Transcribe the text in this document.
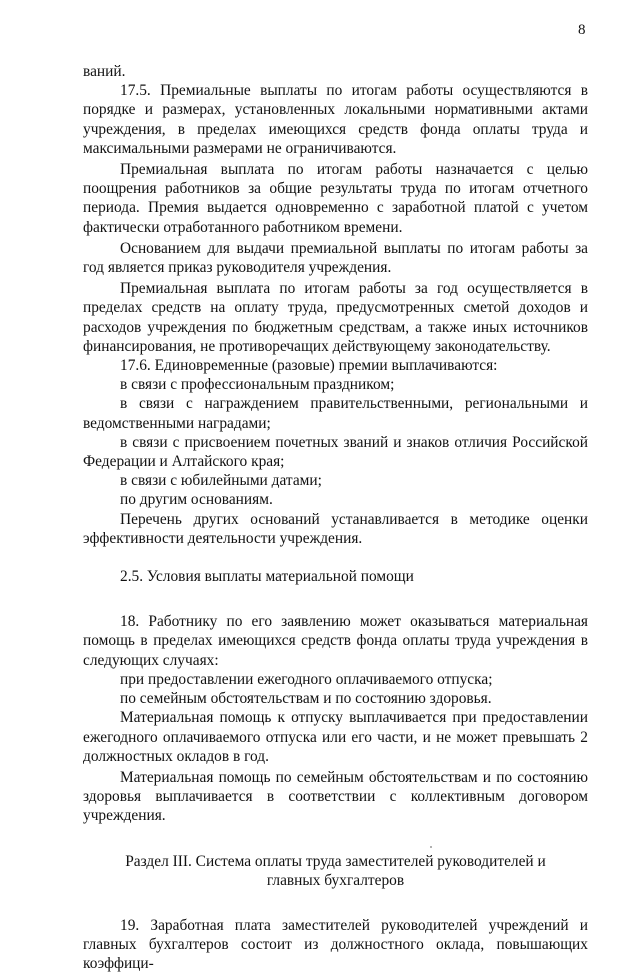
8

ваний.

17.5. Премиальные выплаты по итогам работы осуществляются в порядке и размерах, установленных локальными нормативными актами учреждения, в пределах имеющихся средств фонда оплаты труда и максимальными размерами не ограничиваются.

Премиальная выплата по итогам работы назначается с целью поощрения работников за общие результаты труда по итогам отчетного периода. Премия выдается одновременно с заработной платой с учетом фактически отработанного работником времени.

Основанием для выдачи премиальной выплаты по итогам работы за год является приказ руководителя учреждения.

Премиальная выплата по итогам работы за год осуществляется в пределах средств на оплату труда, предусмотренных сметой доходов и расходов учреждения по бюджетным средствам, а также иных источников финансирования, не противоречащих действующему законодательству.

17.6. Единовременные (разовые) премии выплачиваются:

в связи с профессиональным праздником;

в связи с награждением правительственными, региональными и ведомственными наградами;

в связи с присвоением почетных званий и знаков отличия Российской Федерации и Алтайского края;

в связи с юбилейными датами;

по другим основаниям.

Перечень других оснований устанавливается в методике оценки эффективности деятельности учреждения.

2.5. Условия выплаты материальной помощи

18. Работнику по его заявлению может оказываться материальная помощь в пределах имеющихся средств фонда оплаты труда учреждения в следующих случаях:

при предоставлении ежегодного оплачиваемого отпуска;

по семейным обстоятельствам и по состоянию здоровья.

Материальная помощь к отпуску выплачивается при предоставлении ежегодного оплачиваемого отпуска или его части, и не может превышать 2 должностных окладов в год.

Материальная помощь по семейным обстоятельствам и по состоянию здоровья выплачивается в соответствии с коллективным договором учреждения.

Раздел III. Система оплаты труда заместителей руководителей и
главных бухгалтеров

19. Заработная плата заместителей руководителей учреждений и главных бухгалтеров состоит из должностного оклада, повышающих коэффици-
